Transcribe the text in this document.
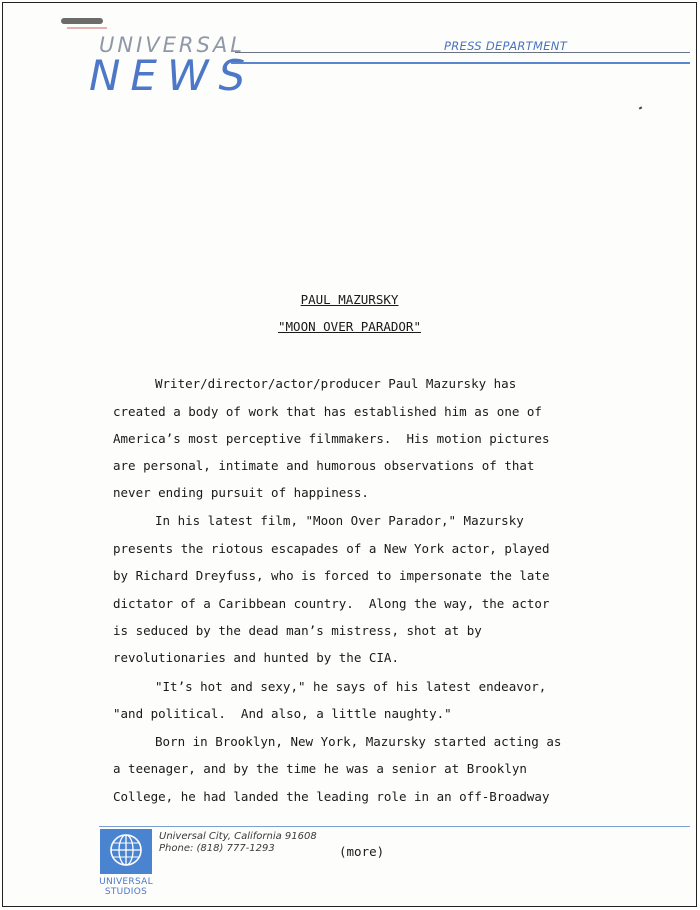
UNIVERSAL	PRESS DEPARTMENT
NEWS
PAUL MAZURSKY
"MOON OVER PARADOR"

Writer/director/actor/producer Paul Mazursky has

created a body of work that has established him as one of

America’s most perceptive filmmakers.  His motion pictures

are personal, intimate and humorous observations of that

never ending pursuit of happiness.

In his latest film, "Moon Over Parador," Mazursky

presents the riotous escapades of a New York actor, played

by Richard Dreyfuss, who is forced to impersonate the late

dictator of a Caribbean country.  Along the way, the actor

is seduced by the dead man’s mistress, shot at by

revolutionaries and hunted by the CIA.

"It’s hot and sexy," he says of his latest endeavor,

"and political.  And also, a little naughty."

Born in Brooklyn, New York, Mazursky started acting as

a teenager, and by the time he was a senior at Brooklyn

College, he had landed the leading role in an off-Broadway

UNIVERSAL
STUDIOS
Universal City, California 91608
Phone: (818) 777-1293	(more)
